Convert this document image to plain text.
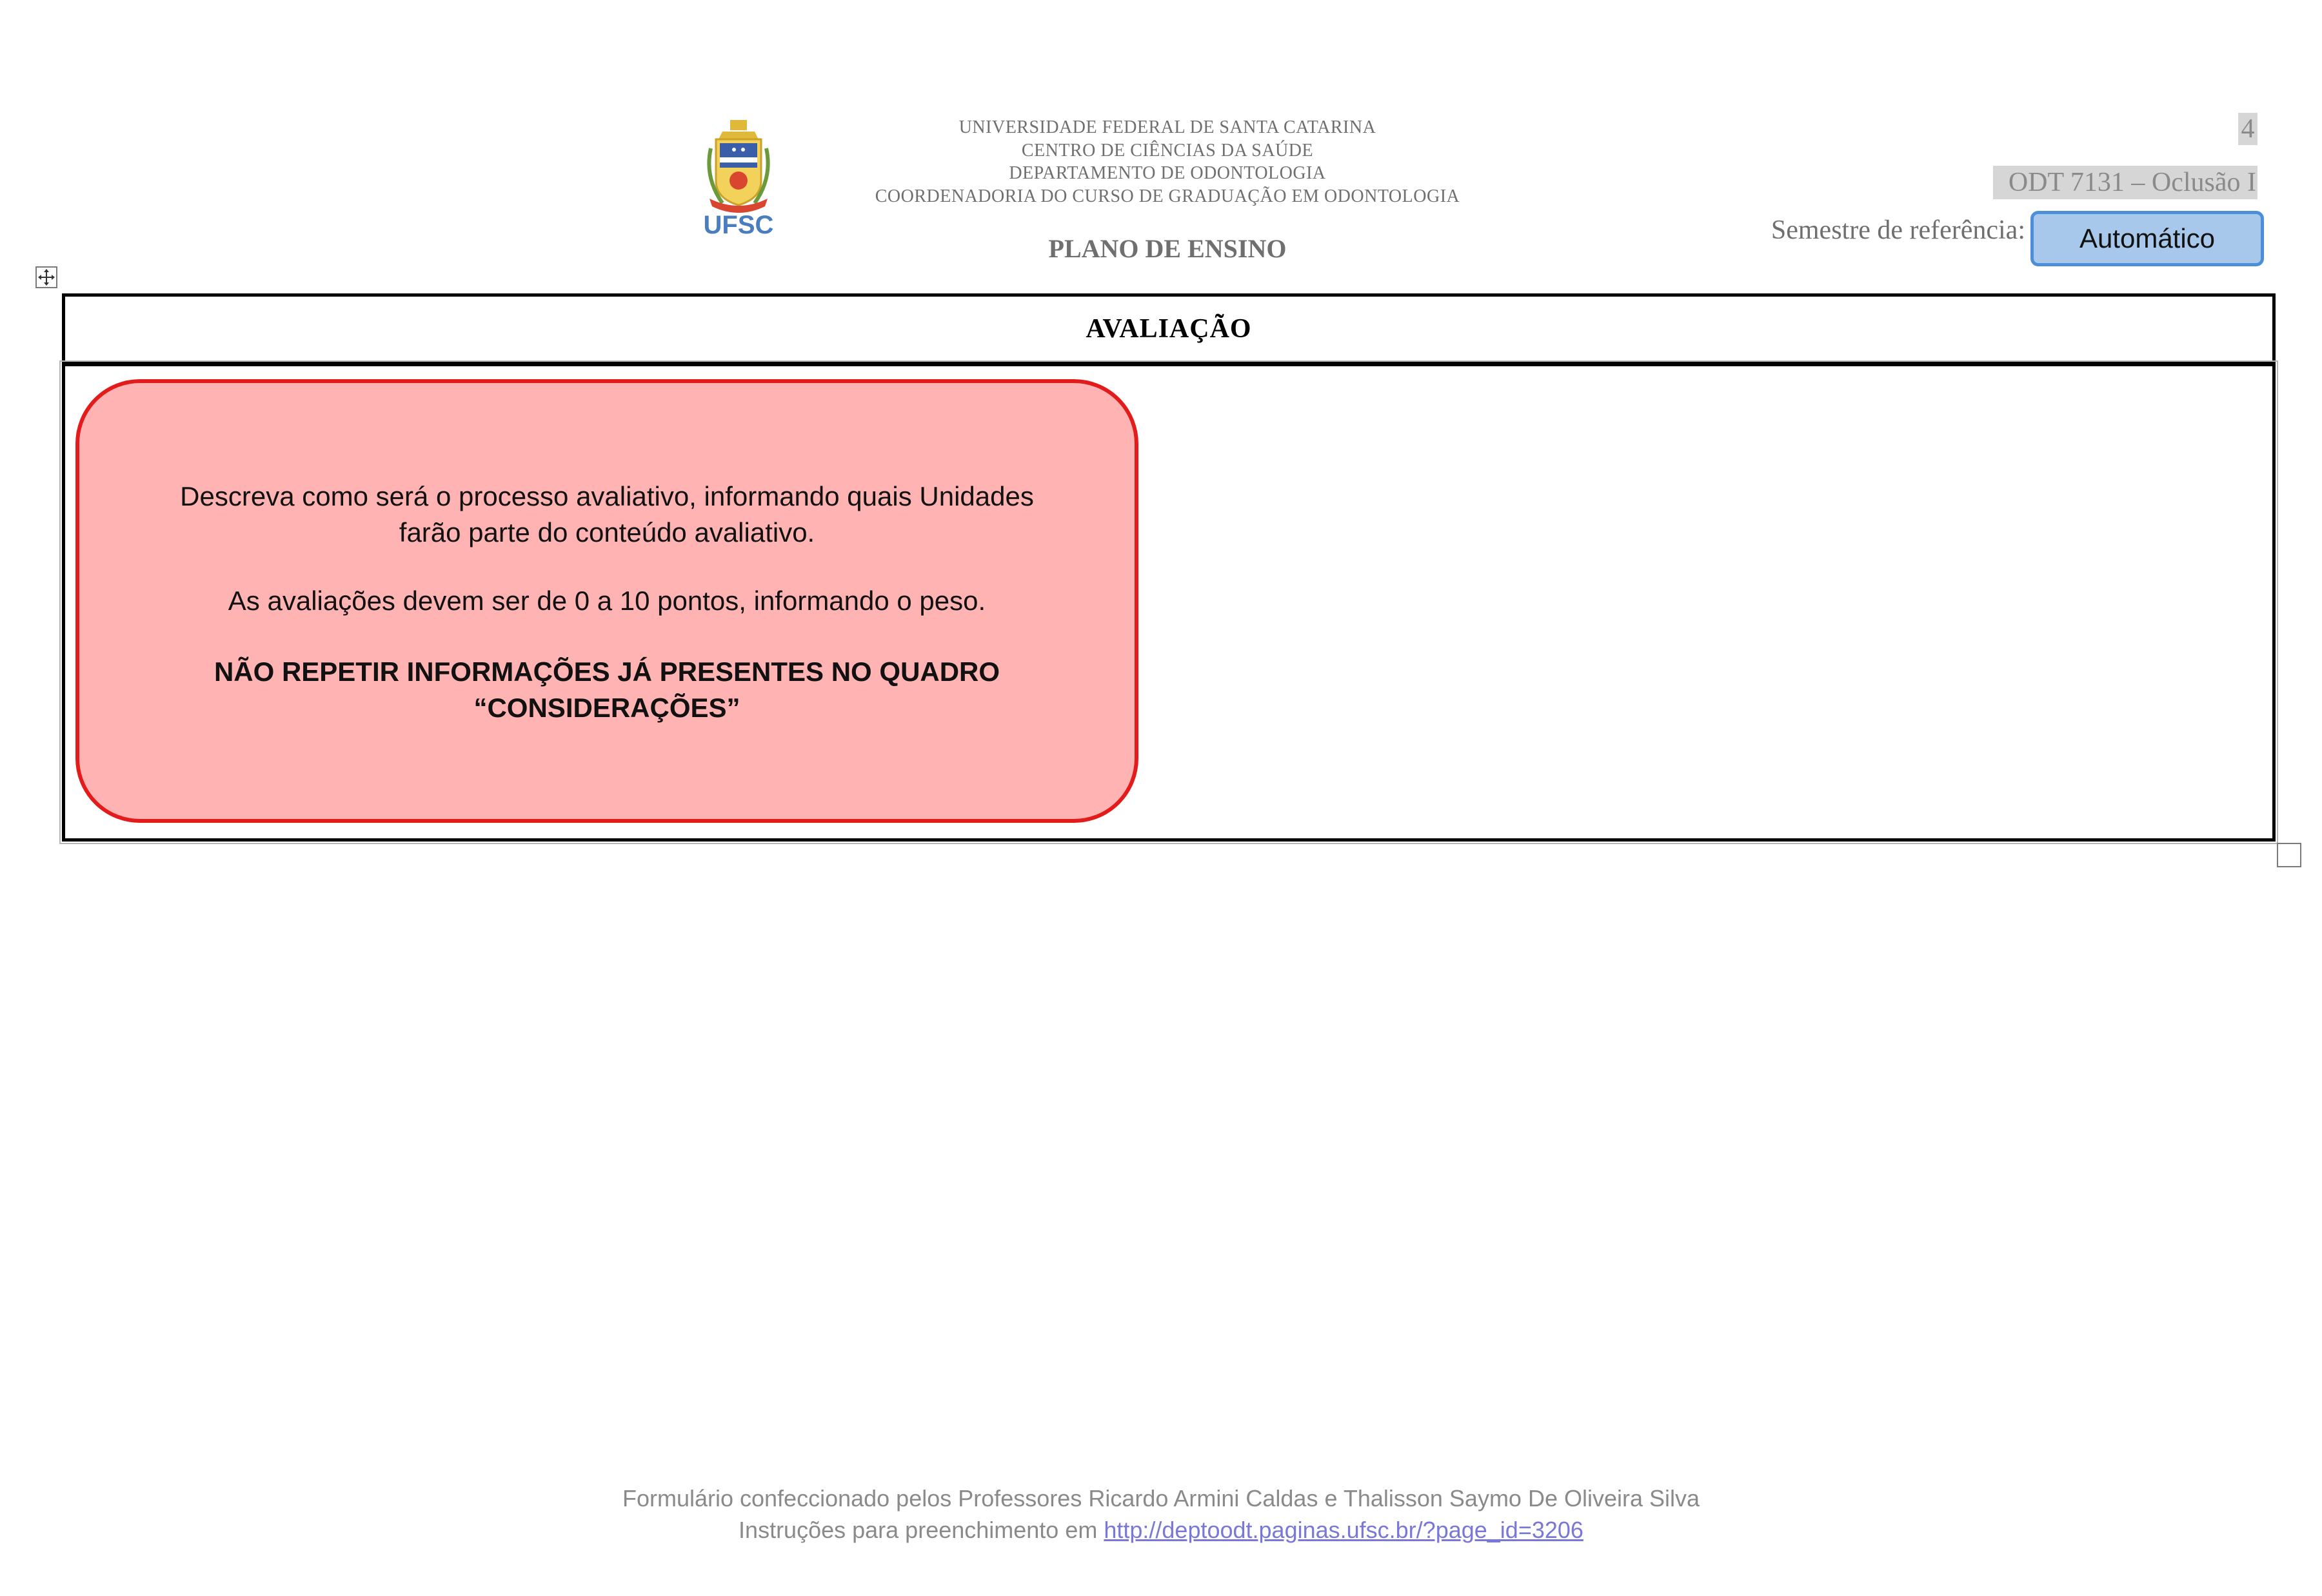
UFSC
UNIVERSIDADE FEDERAL DE SANTA CATARINA
CENTRO DE CIÊNCIAS DA SAÚDE
DEPARTAMENTO DE ODONTOLOGIA
COORDENADORIA DO CURSO DE GRADUAÇÃO EM ODONTOLOGIA
PLANO DE ENSINO
4
ODT 7131 – Oclusão I
Semestre de referência:	Automático
AVALIAÇÃO
Descreva como será o processo avaliativo, informando quais Unidades farão parte do conteúdo avaliativo.
As avaliações devem ser de 0 a 10 pontos, informando o peso.
NÃO REPETIR INFORMAÇÕES JÁ PRESENTES NO QUADRO “CONSIDERAÇÕES”
Formulário confeccionado pelos Professores Ricardo Armini Caldas e Thalisson Saymo De Oliveira Silva
Instruções para preenchimento em http://deptoodt.paginas.ufsc.br/?page_id=3206
